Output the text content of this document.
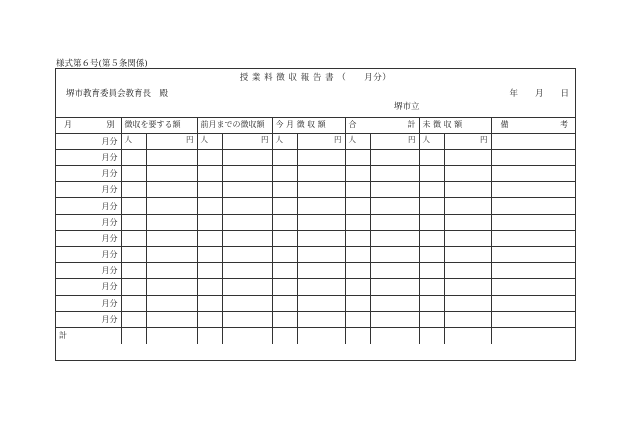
様式第６号(第５条関係)
授 業 料 徴 収 報 告 書 （　　月分）
堺市教育委員会教育長　殿	年 月 日
堺市立
月 別	徴収を要する額		前月までの徴収額		今 月 徴 収 額		合 計		未 徴 収 額		備 考

月分	人	円	人	円	人	円	人	円	人	円	
月分											
月分											
月分											
月分											
月分											
月分											
月分											
月分											
月分											
月分											
月分											
計											
